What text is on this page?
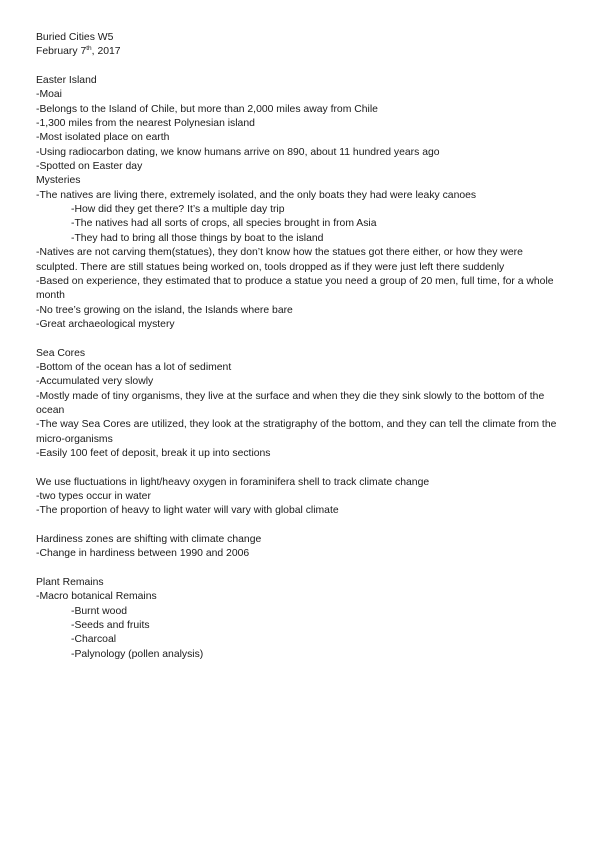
Buried Cities W5

February 7th, 2017

Easter Island

-Moai

-Belongs to the Island of Chile, but more than 2,000 miles away from Chile

-1,300 miles from the nearest Polynesian island

-Most isolated place on earth

-Using radiocarbon dating, we know humans arrive on 890, about 11 hundred years ago

-Spotted on Easter day

Mysteries

-The natives are living there, extremely isolated, and the only boats they had were leaky canoes

-How did they get there? It’s a multiple day trip

-The natives had all sorts of crops, all species brought in from Asia

-They had to bring all those things by boat to the island

-Natives are not carving them(statues), they don’t know how the statues got there either, or how they were sculpted. There are still statues being worked on, tools dropped as if they were just left there suddenly

-Based on experience, they estimated that to produce a statue you need a group of 20 men, full time, for a whole month

-No tree’s growing on the island, the Islands where bare

-Great archaeological mystery

Sea Cores

-Bottom of the ocean has a lot of sediment

-Accumulated very slowly

-Mostly made of tiny organisms, they live at the surface and when they die they sink slowly to the bottom of the ocean

-The way Sea Cores are utilized, they look at the stratigraphy of the bottom, and they can tell the climate from the micro-organisms

-Easily 100 feet of deposit, break it up into sections

We use fluctuations in light/heavy oxygen in foraminifera shell to track climate change

-two types occur in water

-The proportion of heavy to light water will vary with global climate

Hardiness zones are shifting with climate change

-Change in hardiness between 1990 and 2006

Plant Remains

-Macro botanical Remains

-Burnt wood

-Seeds and fruits

-Charcoal

-Palynology (pollen analysis)
